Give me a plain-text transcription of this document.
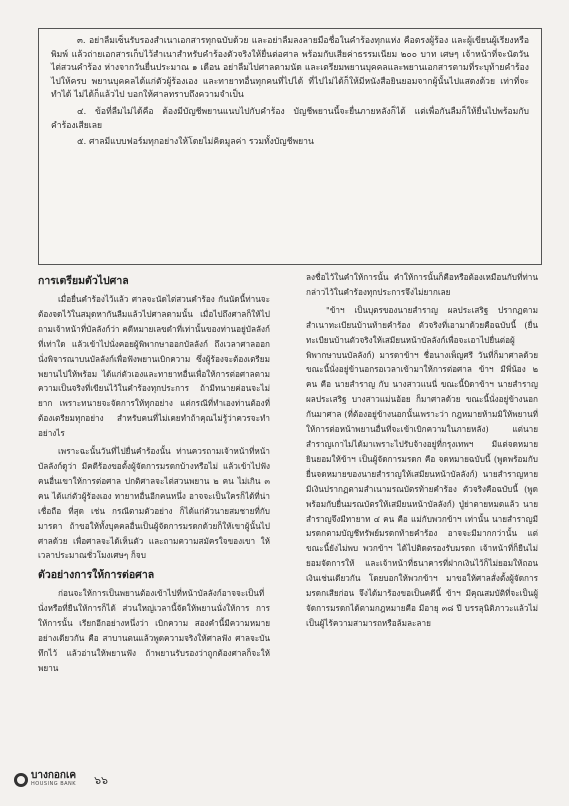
๓. อย่าลืมเซ็นรับรองสำเนาเอกสารทุกฉบับด้วย และอย่าลืมลงลายมือชื่อในคำร้องทุกแห่ง คือตรงผู้ร้อง และผู้เขียนผู้เรียงหรือพิมพ์ แล้วถ่ายเอกสารเก็บไว้สำเนาสำหรับคำร้องตัวจริงให้ยื่นต่อศาล พร้อมกับเสียค่าธรรมเนียม ๒๐๐ บาท เศษๆ เจ้าหน้าที่จะนัดวันไต่สวนคำร้อง ห่างจากวันยื่นประมาณ ๑ เดือน อย่าลืมไปศาลตามนัด และเตรียมพยานบุคคลและพยานเอกสารตามที่ระบุท้ายคำร้องไปให้ครบ พยานบุคคลได้แก่ตัวผู้ร้องเอง และทายาทอื่นทุกคนที่ไปได้ ที่ไปไม่ได้ก็ให้มีหนังสือยินยอมจากผู้นั้นไปแสดงด้วย เท่าที่จะทำได้ ไม่ได้ก็แล้วไป บอกให้ศาลทราบถึงความจำเป็น

๔. ข้อที่ลืมไม่ได้คือ ต้องมีบัญชีพยานแนบไปกับคำร้อง บัญชีพยานนี้จะยื่นภายหลังก็ได้ แต่เพื่อกันลืมก็ให้ยื่นไปพร้อมกับคำร้องเสียเลย

๕. ศาลมีแบบฟอร์มทุกอย่างให้โดยไม่คิดมูลค่า รวมทั้งบัญชีพยาน

การเตรียมตัวไปศาล

เมื่อยื่นคำร้องไว้แล้ว ศาลจะนัดไต่สวนคำร้อง กันนัดนี้ท่านจะต้องจดไว้ในสมุดหากันลืมแล้วไปศาลตามนั้น เมื่อไปถึงศาลก็ให้ไปถามเจ้าหน้าที่บัลลังก์ว่า คดีหมายเลขดำที่เท่านั้นของท่านอยู่บัลลังก์ที่เท่าใด แล้วเข้าไปนั่งคอยผู้พิพากษาออกบัลลังก์ ถึงเวลาศาลออกนั่งพิจารณาบนบัลลังก์เพื่อฟังพยานเบิกความ ซึ่งผู้ร้องจะต้องเตรียมพยานไปให้พร้อม ได้แก่ตัวเองและทายาทอื่นเพื่อให้การต่อศาลตามความเป็นจริงที่เขียนไว้ในคำร้องทุกประการ ถ้ามีทนายค่อนจะไม่ยาก เพราะทนายจะจัดการให้ทุกอย่าง แต่กรณีที่ทำเองท่านต้องที่ต้องเตรียมทุกอย่าง สำหรับคนที่ไม่เคยทำถ้าคุณไม่รู้ว่าควรจะทำอย่างไร

เพราะฉะนั้นวันที่ไปยื่นคำร้องนั้น ท่านควรถามเจ้าหน้าที่หน้าบัลลังก์ดูว่า มีคดีร้องขอตั้งผู้จัดการมรดกบ้างหรือไม่ แล้วเข้าไปฟังคนอื่นเขาให้การต่อศาล ปกติศาลจะไต่สวนพยาน ๒ คน ไม่เกิน ๓ คน ได้แก่ตัวผู้ร้องเอง ทายาทอื่นอีกคนหนึ่ง อาจจะเป็นใครก็ได้ที่น่าเชื่อถือ ที่สุด เช่น กรณีตามตัวอย่าง ก็ได้แก่ตัวนายสมชายที่กับมารดา ถ้าขอให้ทั้งบุคคลอื่นเป็นผู้จัดการมรดกด้วยก็ให้เขาผู้นั้นไปศาลด้วย เพื่อศาลจะได้เห็นตัว และถามความสมัครใจของเขา ให้เวลาประมาณชั่วโมงเศษๆ ก็จบ

ตัวอย่างการให้การต่อศาล

ก่อนจะให้การเป็นพยานต้องเข้าไปที่หน้าบัลลังก์อาจจะเป็นที่นั่งหรือที่ยืนให้การก็ได้ ส่วนใหญ่เวลานี้จัดให้พยานนั่งให้การ การให้การนั้น เรียกอีกอย่างหนึ่งว่า เบิกความ สองคำนี้มีความหมายอย่างเดียวกัน คือ สาบานตนแล้วพูดความจริงให้ศาลฟัง ศาลจะบันทึกไว้ แล้วอ่านให้พยานฟัง ถ้าพยานรับรองว่าถูกต้องศาลก็จะให้พยาน

ลงชื่อไว้ในคำให้การนั้น คำให้การนั้นก็คือหรือต้องเหมือนกับที่ท่านกล่าวไว้ในคำร้องทุกประการจึงไม่ยากเลย

"ข้าฯ เป็นบุตรของนายสำราญ ผลประเสริฐ ปรากฏตามสำเนาทะเบียนบ้านท้ายคำร้อง ตัวจริงที่เอามาด้วยคือฉบับนี้ (ยื่นทะเบียนบ้านตัวจริงให้เสมียนหน้าบัลลังก์เพื่อจะเอาไปยื่นต่อผู้พิพากษาบนบัลลังก์) มารดาข้าฯ ชื่อนางเพ็ญศรี วันที่ก็มาศาลด้วย ขณะนี้นั่งอยู่ข้านอกรอเวลาเข้ามาให้การต่อศาล ข้าฯ มีพี่น้อง ๒ คน คือ นายสำราญ กับ นางสาวแนนี่ ขณะนี้บิดาข้าฯ นายสำราญ ผลประเสริฐ บางสาวแม่นอ้อย ก็มาศาลด้วย ขณะนี้นั่งอยู่ข้างนอกกันมาศาล (ที่ต้องอยู่ข้างนอกนั้นเพราะว่า กฎหมายห้ามมิให้พยานที่ให้การต่อหน้าพยานอื่นที่จะเข้าเบิกความในภายหลัง) แต่นายสำราญเกาไม่ได้มาเพราะไปรับจ้างอยู่ที่กรุงเทพฯ มีแต่จดหมายยินยอมให้ข้าฯ เป็นผู้จัดการมรดก คือ จดหมายฉบับนี้ (พูดพร้อมกับยื่นจดหมายของนายสำราญให้เสมียนหน้าบัลลังก์) นายสำราญหายมีเงินปรากฏตามสำเนามรณบัตรท้ายคำร้อง ตัวจริงคือฉบับนี้ (พูดพร้อมกับยื่นมรณบัตรให้เสมียนหน้าบัลลังก์) ปู่ย่าตายหมดแล้ว นายสำราญจึงมีทายาท ๔ คน คือ แม่กับพวกข้าฯ เท่านั้น นายสำราญมีมรดกตามบัญชีทรัพย์มรดกท้ายคำร้อง อาจจะมีมากกว่านั้น แต่ขณะนี้ยังไม่พบ พวกข้าฯ ได้ไปติดตรองรับมรดก เจ้าหน้าที่ก็ยืนไม่ยอมจัดการให้ และเจ้าหน้าที่ธนาคารที่ฝากเงินไว้ก็ไม่ยอมให้ถอนเงินเช่นเดียวกัน โดยบอกให้พวกข้าฯ มาขอให้ศาลสั่งตั้งผู้จัดการมรดกเสียก่อน จึงได้มาร้องขอเป็นคดีนี้ ข้าฯ มีคุณสมบัติที่จะเป็นผู้จัดการมรดกได้ตามกฎหมายคือ มีอายุ ๓๘ ปี บรรลุนิติภาวะแล้วไม่เป็นผู้ไร้ความสามารถหรือล้มละลาย

บางกอกเค
HOUSING BANK ๖๖
